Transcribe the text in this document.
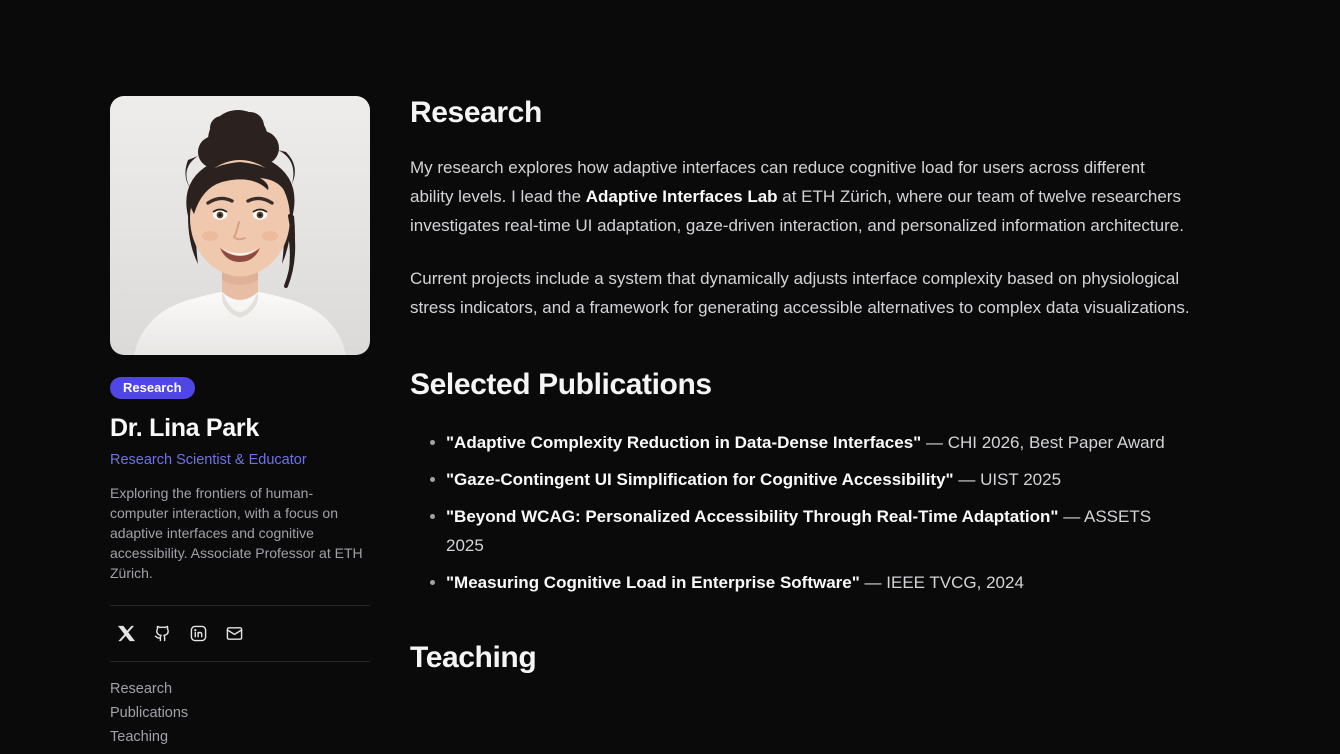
Research
Dr. Lina Park
Research Scientist & Educator
Exploring the frontiers of human-computer interaction, with a focus on adaptive interfaces and cognitive accessibility. Associate Professor at ETH Zürich.
Research
Publications
Teaching
Research

My research explores how adaptive interfaces can reduce cognitive load for users across different ability levels. I lead the Adaptive Interfaces Lab at ETH Zürich, where our team of twelve researchers investigates real-time UI adaptation, gaze-driven interaction, and personalized information architecture.

Current projects include a system that dynamically adjusts interface complexity based on physiological stress indicators, and a framework for generating accessible alternatives to complex data visualizations.

Selected Publications
"Adaptive Complexity Reduction in Data-Dense Interfaces" — CHI 2026, Best Paper Award
"Gaze-Contingent UI Simplification for Cognitive Accessibility" — UIST 2025
"Beyond WCAG: Personalized Accessibility Through Real-Time Adaptation" — ASSETS 2025
"Measuring Cognitive Load in Enterprise Software" — IEEE TVCG, 2024
Teaching
